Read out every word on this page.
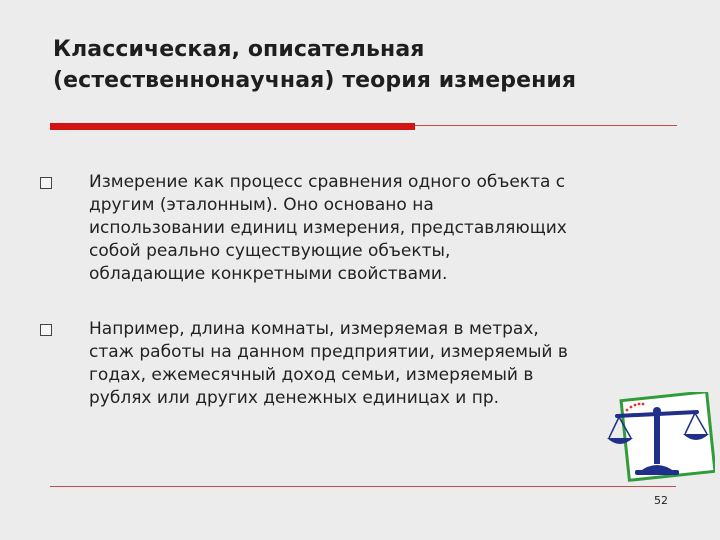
Классическая, описательная
(естественнонаучная) теория измерения
Измерение как процесс сравнения одного объекта с
другим (эталонным). Оно основано на
использовании единиц измерения, представляющих
собой реально существующие объекты,
обладающие конкретными свойствами.
Например, длина комнаты, измеряемая в метрах,
стаж работы на данном предприятии, измеряемый в
годах, ежемесячный доход семьи, измеряемый в
рублях или других денежных единицах и пр.
52
